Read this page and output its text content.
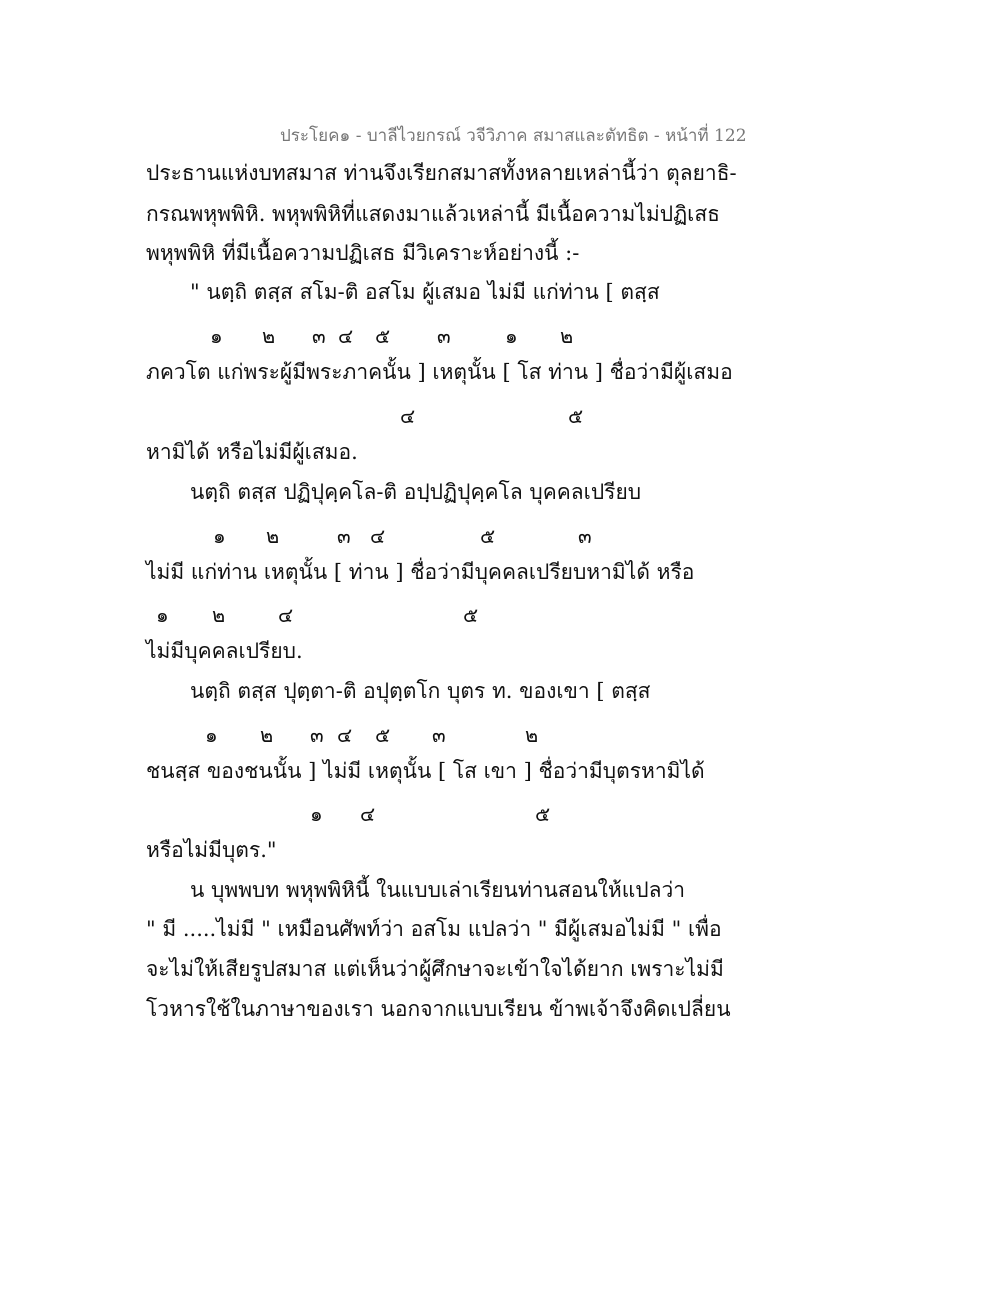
ประโยค๑ - บาลีไวยกรณ์ วจีวิภาค สมาสและตัทธิต - หน้าที่ 122
ประธานแห่งบทสมาส ท่านจึงเรียกสมาสทั้งหลายเหล่านี้ว่า ตุลยาธิ-
กรณพหุพพิหิ. พหุพพิหิที่แสดงมาแล้วเหล่านี้ มีเนื้อความไม่ปฏิเสธ
พหุพพิหิ ที่มีเนื้อความปฏิเสธ มีวิเคราะห์อย่างนี้ :-
" นตฺถิ ตสฺส สโม-ติ อสโม ผู้เสมอ ไม่มี แก่ท่าน [ ตสฺส
๑ ๒ ๓ ๔ ๕ ๓	๑ ๒
ภควโต แก่พระผู้มีพระภาคนั้น ] เหตุนั้น [ โส ท่าน ] ชื่อว่ามีผู้เสมอ
๔	๕
หามิได้ หรือไม่มีผู้เสมอ.
นตฺถิ ตสฺส ปฏิปุคฺคโล-ติ อปฺปฏิปุคฺคโล บุคคลเปรียบ
๑ ๒	๓ ๔	๕	๓
ไม่มี แก่ท่าน เหตุนั้น [ ท่าน ] ชื่อว่ามีบุคคลเปรียบหามิได้ หรือ
๑ ๒	๔	๕
ไม่มีบุคคลเปรียบ.
นตฺถิ ตสฺส ปุตฺตา-ติ อปุตฺตโก บุตร ท. ของเขา [ ตสฺส
๑ ๒ ๓ ๔ ๕ ๓	๒
ชนสฺส ของชนนั้น ] ไม่มี เหตุนั้น [ โส เขา ] ชื่อว่ามีบุตรหามิได้
๑ ๔	๕
หรือไม่มีบุตร."
น บุพพบท พหุพพิหินี้ ในแบบเล่าเรียนท่านสอนให้แปลว่า
" มี .....ไม่มี " เหมือนศัพท์ว่า อสโม แปลว่า " มีผู้เสมอไม่มี " เพื่อ
จะไม่ให้เสียรูปสมาส แต่เห็นว่าผู้ศึกษาจะเข้าใจได้ยาก เพราะไม่มี
โวหารใช้ในภาษาของเรา นอกจากแบบเรียน ข้าพเจ้าจึงคิดเปลี่ยน
